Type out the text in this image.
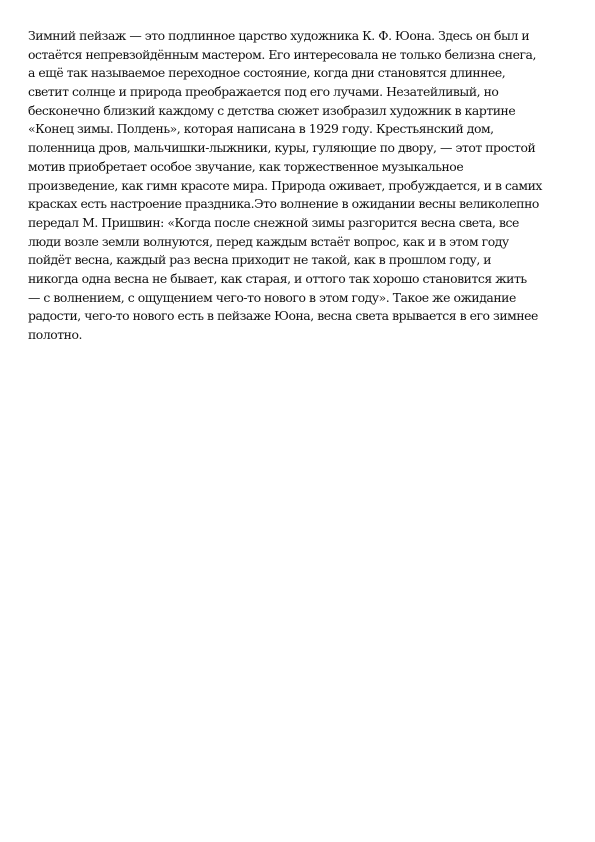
Зимний пейзаж — это подлинное царство художника К. Ф. Юона. Здесь он был и
остаётся непревзойдённым мастером. Его интересовала не только белизна снега,
а ещё так называемое переходное состояние, когда дни становятся длиннее,
светит солнце и природа преображается под его лучами. Незатейливый, но
бесконечно близкий каждому с детства сюжет изобразил художник в картине
«Конец зимы. Полдень», которая написана в 1929 году. Крестьянский дом,
поленница дров, мальчишки-лыжники, куры, гуляющие по двору, — этот простой
мотив приобретает особое звучание, как торжественное музыкальное
произведение, как гимн красоте мира. Природа оживает, пробуждается, и в самих
красках есть настроение праздника.Это волнение в ожидании весны великолепно
передал М. Пришвин: «Когда после снежной зимы разгорится весна света, все
люди возле земли волнуются, перед каждым встаёт вопрос, как и в этом году
пойдёт весна, каждый раз весна приходит не такой, как в прошлом году, и
никогда одна весна не бывает, как старая, и оттого так хорошо становится жить
— с волнением, с ощущением чего-то нового в этом году». Такое же ожидание
радости, чего-то нового есть в пейзаже Юона, весна света врывается в его зимнее
полотно.
